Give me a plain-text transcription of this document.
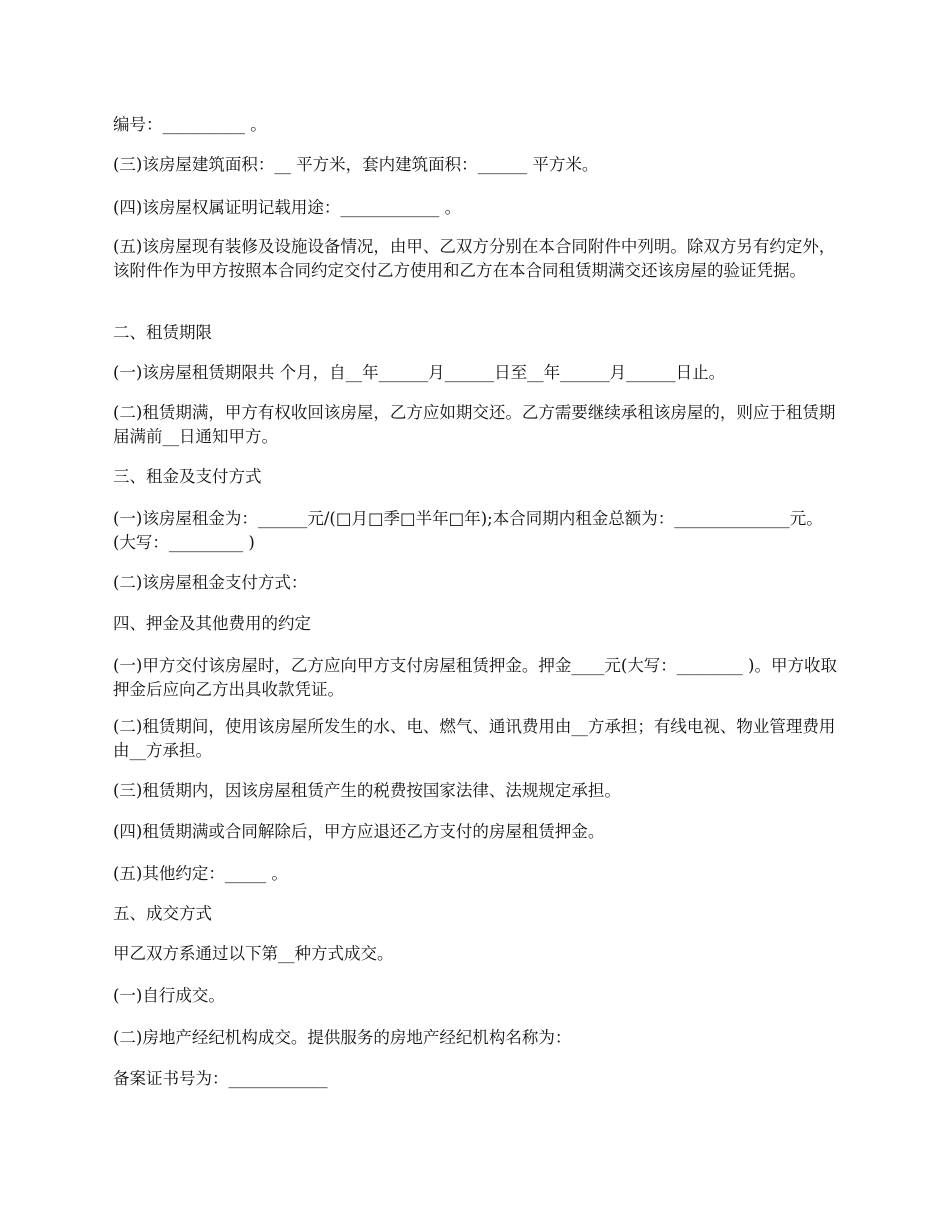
编号：__________ 。

(三)该房屋建筑面积：__ 平方米，套内建筑面积：______ 平方米。

(四)该房屋权属证明记载用途：____________ 。

(五)该房屋现有装修及设施设备情况，由甲、乙双方分别在本合同附件中列明。除双方另有约定外，该附件作为甲方按照本合同约定交付乙方使用和乙方在本合同租赁期满交还该房屋的验证凭据。

二、租赁期限

(一)该房屋租赁期限共 个月，自__年______月______日至__年______月______日止。

(二)租赁期满，甲方有权收回该房屋，乙方应如期交还。乙方需要继续承租该房屋的，则应于租赁期届满前__日通知甲方。

三、租金及支付方式

(一)该房屋租金为：______元/(□月□季□半年□年);本合同期内租金总额为：______________元。(大写：_________ )

(二)该房屋租金支付方式：

四、押金及其他费用的约定

(一)甲方交付该房屋时，乙方应向甲方支付房屋租赁押金。押金____元(大写：________ )。甲方收取押金后应向乙方出具收款凭证。

(二)租赁期间，使用该房屋所发生的水、电、燃气、通讯费用由__方承担；有线电视、物业管理费用由__方承担。

(三)租赁期内，因该房屋租赁产生的税费按国家法律、法规规定承担。

(四)租赁期满或合同解除后，甲方应退还乙方支付的房屋租赁押金。

(五)其他约定：_____ 。

五、成交方式

甲乙双方系通过以下第__种方式成交。

(一)自行成交。

(二)房地产经纪机构成交。提供服务的房地产经纪机构名称为：

备案证书号为：____________
